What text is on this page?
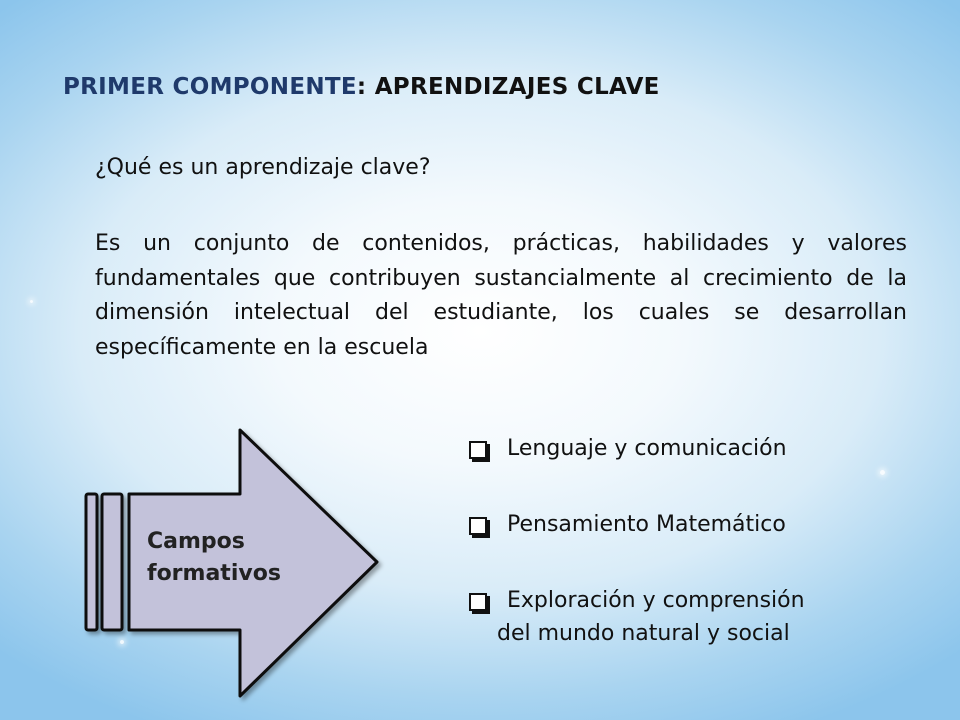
PRIMER COMPONENTE: APRENDIZAJES CLAVE

¿Qué es un aprendizaje clave?

Es un conjunto de contenidos, prácticas, habilidades y valores fundamentales que contribuyen sustancialmente al crecimiento de la dimensión intelectual del estudiante, los cuales se desarrollan específicamente en la escuela

Campos
formativos
Lenguaje y comunicación
Pensamiento Matemático
Exploración y comprensión
del mundo natural y social
